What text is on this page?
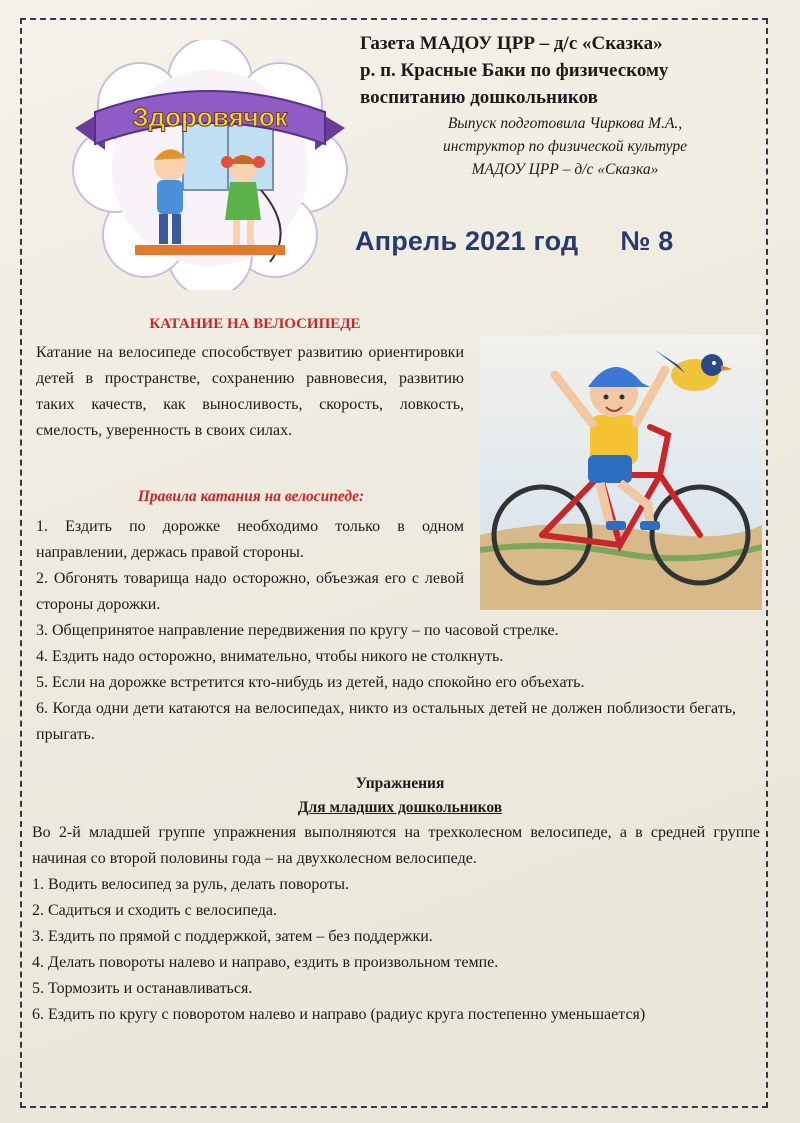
Здоровячок
Газета МАДОУ ЦРР – д/с «Сказка»
р. п. Красные Баки по физическому
воспитанию дошкольников
Выпуск подготовила Чиркова М.А.,
инструктор по физической культуре
МАДОУ ЦРР – д/с «Сказка»
Апрель 2021 год № 8
КАТАНИЕ НА ВЕЛОСИПЕДЕ
Катание на велосипеде способствует развитию ориентировки детей в пространстве, сохранению равновесия, развитию таких качеств, как выносливость, скорость, ловкость, смелость, уверенность в своих силах.
Правила катания на велосипеде:
1. Ездить по дорожке необходимо только в одном направлении, держась правой стороны.
2. Обгонять товарища надо осторожно, объезжая его с левой стороны дорожки.
3. Общепринятое направление передвижения по кругу – по часовой стрелке.
4. Ездить надо осторожно, внимательно, чтобы никого не столкнуть.
5. Если на дорожке встретится кто-нибудь из детей, надо спокойно его объехать.
6. Когда одни дети катаются на велосипедах, никто из остальных детей не должен поблизости бегать, прыгать.
Упражнения
Для младших дошкольников
Во 2-й младшей группе упражнения выполняются на трехколесном велосипеде, а в средней группе начиная со второй половины года – на двухколесном велосипеде.
1. Водить велосипед за руль, делать повороты.
2. Садиться и сходить с велосипеда.
3. Ездить по прямой с поддержкой, затем – без поддержки.
4. Делать повороты налево и направо, ездить в произвольном темпе.
5. Тормозить и останавливаться.
6. Ездить по кругу с поворотом налево и направо (радиус круга постепенно уменьшается)
